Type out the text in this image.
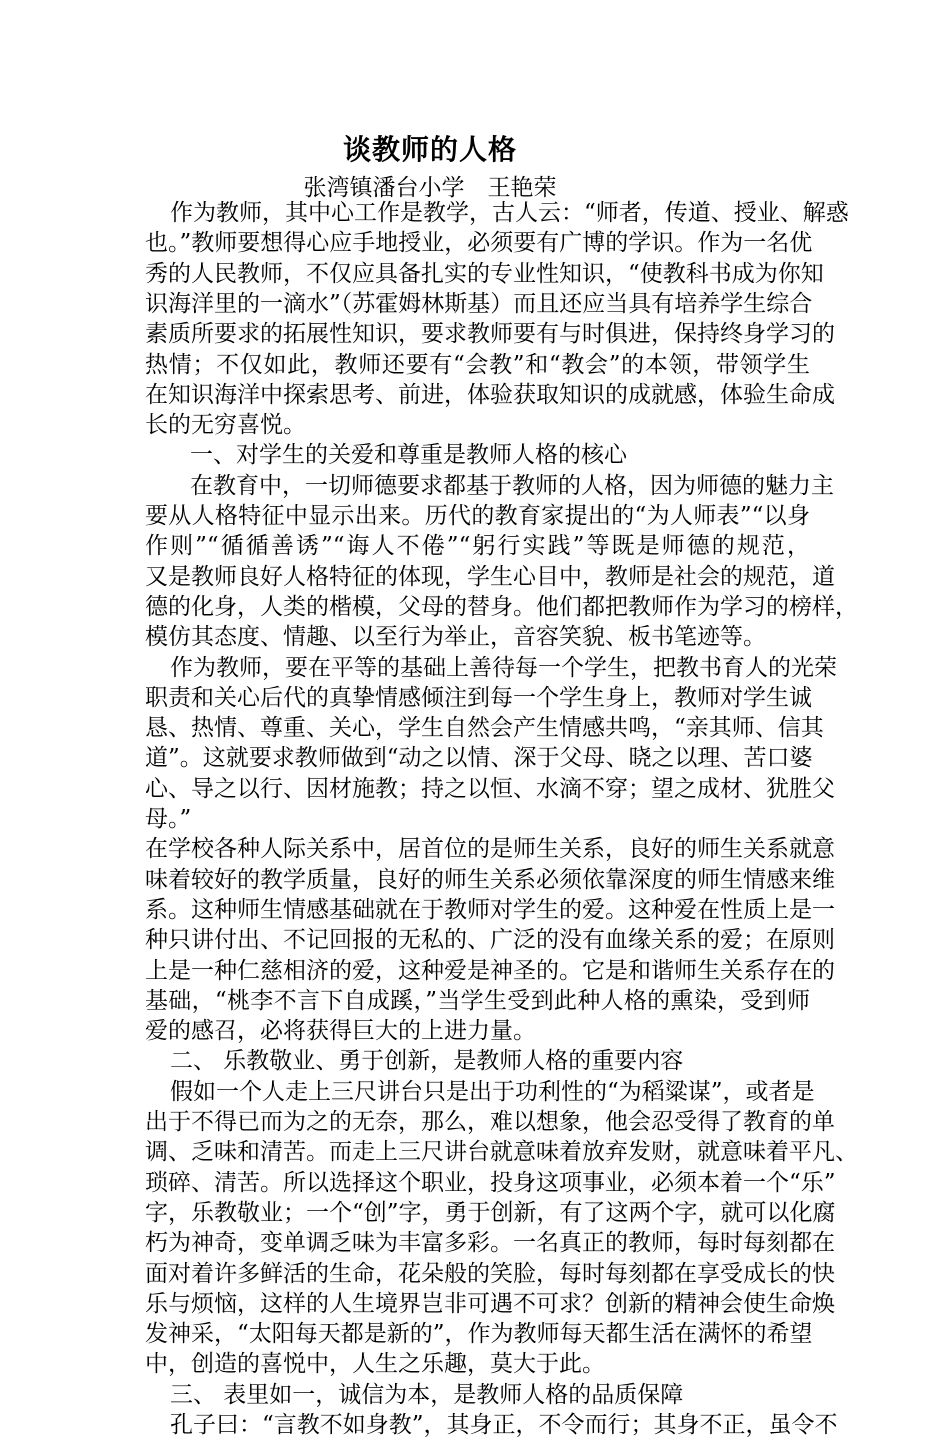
谈教师的人格

张湾镇潘台小学　王艳荣

作为教师，其中心工作是教学，古人云：“师者，传道、授业、解惑

也。”教师要想得心应手地授业，必须要有广博的学识。作为一名优

秀的人民教师，不仅应具备扎实的专业性知识，“使教科书成为你知

识海洋里的一滴水”（苏霍姆林斯基）而且还应当具有培养学生综合

素质所要求的拓展性知识，要求教师要有与时俱进，保持终身学习的

热情；不仅如此，教师还要有“会教”和“教会”的本领，带领学生

在知识海洋中探索思考、前进，体验获取知识的成就感，体验生命成

长的无穷喜悦。

一、对学生的关爱和尊重是教师人格的核心

在教育中，一切师德要求都基于教师的人格，因为师德的魅力主

要从人格特征中显示出来。历代的教育家提出的“为人师表”“以身

作则”“循循善诱”“诲人不倦”“躬行实践”等既是师德的规范，

又是教师良好人格特征的体现，学生心目中，教师是社会的规范，道

德的化身，人类的楷模，父母的替身。他们都把教师作为学习的榜样，

模仿其态度、情趣、以至行为举止，音容笑貌、板书笔迹等。

作为教师，要在平等的基础上善待每一个学生，把教书育人的光荣

职责和关心后代的真挚情感倾注到每一个学生身上，教师对学生诚

恳、热情、尊重、关心，学生自然会产生情感共鸣，“亲其师、信其

道”。这就要求教师做到“动之以情、深于父母、晓之以理、苦口婆

心、导之以行、因材施教；持之以恒、水滴不穿；望之成材、犹胜父

母。”

在学校各种人际关系中，居首位的是师生关系，良好的师生关系就意

味着较好的教学质量，良好的师生关系必须依靠深度的师生情感来维

系。这种师生情感基础就在于教师对学生的爱。这种爱在性质上是一

种只讲付出、不记回报的无私的、广泛的没有血缘关系的爱；在原则

上是一种仁慈相济的爱，这种爱是神圣的。它是和谐师生关系存在的

基础，“桃李不言下自成蹊，”当学生受到此种人格的熏染，受到师

爱的感召，必将获得巨大的上进力量。

二、 乐教敬业、勇于创新，是教师人格的重要内容

假如一个人走上三尺讲台只是出于功利性的“为稻粱谋”，或者是

出于不得已而为之的无奈，那么，难以想象，他会忍受得了教育的单

调、乏味和清苦。而走上三尺讲台就意味着放弃发财，就意味着平凡、

琐碎、清苦。所以选择这个职业，投身这项事业，必须本着一个“乐”

字，乐教敬业；一个“创”字，勇于创新，有了这两个字，就可以化腐

朽为神奇，变单调乏味为丰富多彩。一名真正的教师，每时每刻都在

面对着许多鲜活的生命，花朵般的笑脸，每时每刻都在享受成长的快

乐与烦恼，这样的人生境界岂非可遇不可求？创新的精神会使生命焕

发神采，“太阳每天都是新的”，作为教师每天都生活在满怀的希望

中，创造的喜悦中，人生之乐趣，莫大于此。

三、 表里如一，诚信为本，是教师人格的品质保障

孔子曰：“言教不如身教”，其身正，不令而行；其身不正，虽令不
